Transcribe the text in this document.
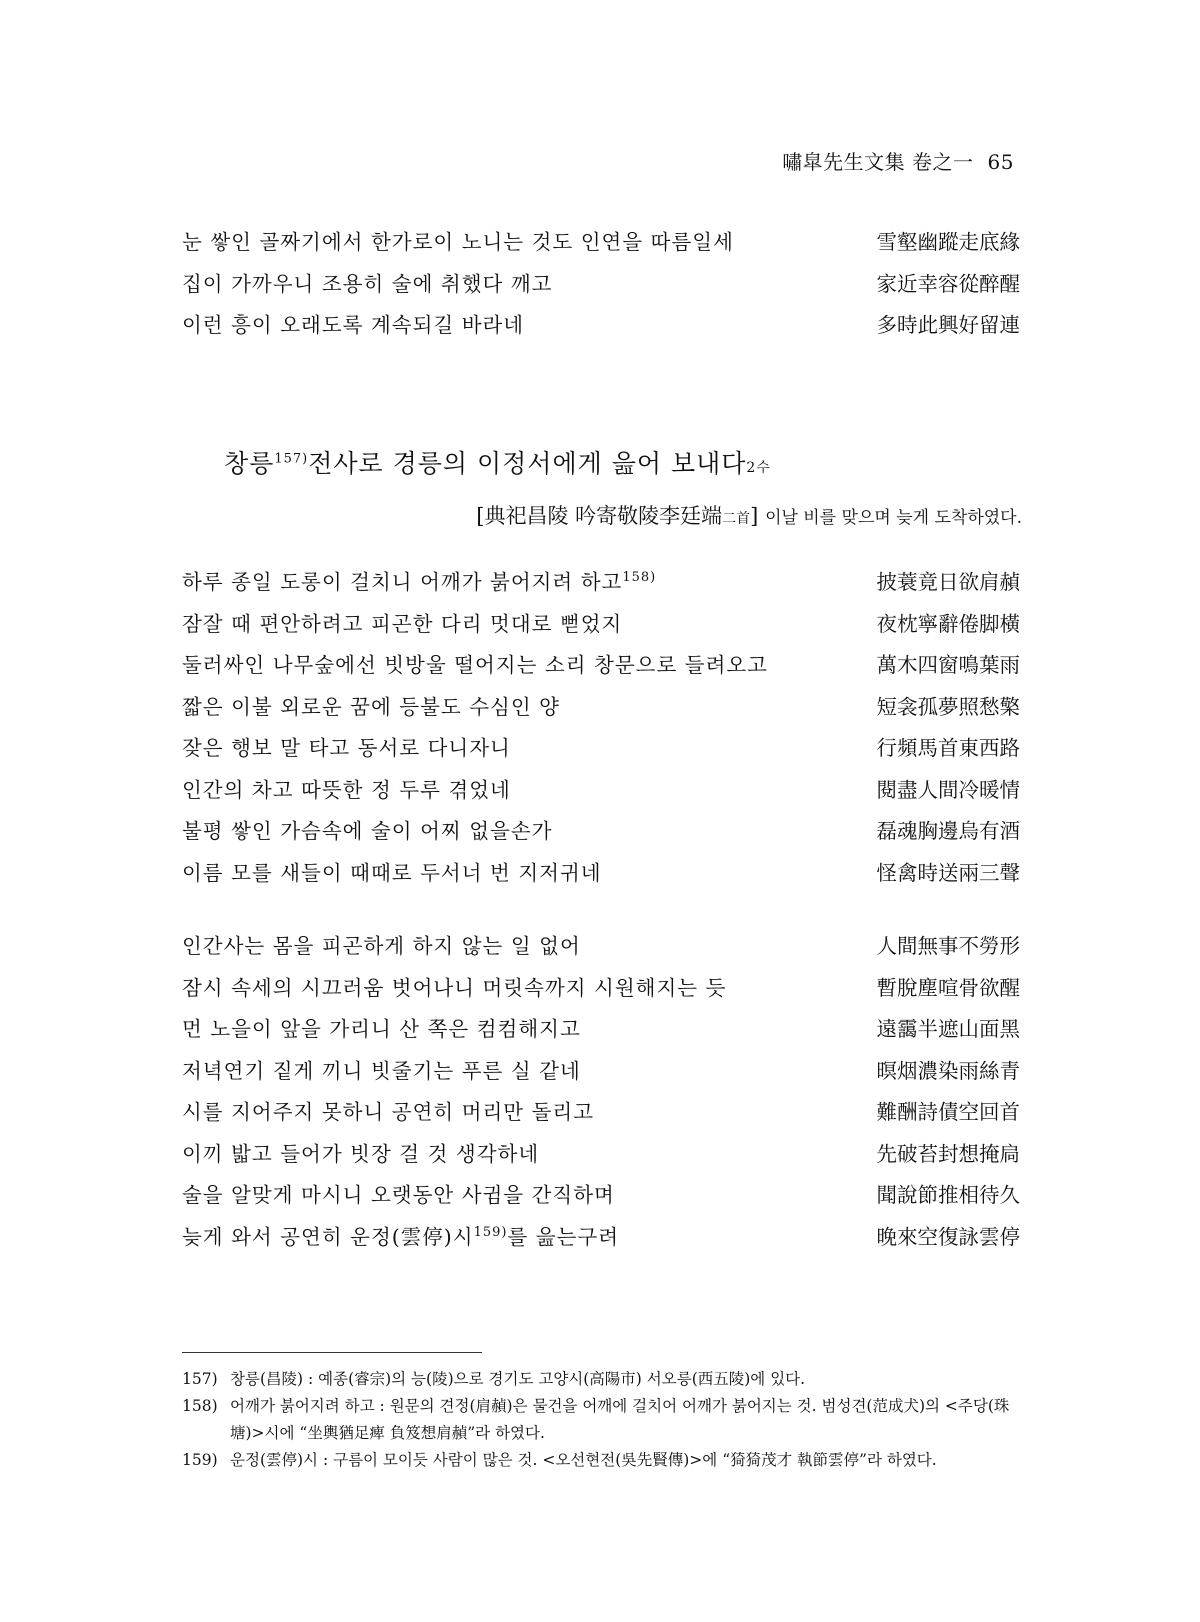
嘯皐先生文集 卷之一 65
눈 쌓인 골짜기에서 한가로이 노니는 것도 인연을 따름일세	雪壑幽蹤走底緣
집이 가까우니 조용히 술에 취했다 깨고	家近幸容從醉醒
이런 흥이 오래도록 계속되길 바라네	多時此興好留連
창릉$^{157)}$전사로 경릉의 이정서에게 읊어 보내다2수
[典祀昌陵 吟寄敬陵李廷端二首] 이날 비를 맞으며 늦게 도착하였다.
하루 종일 도롱이 걸치니 어깨가 붉어지려 하고$^{158)}$	披蓑竟日欲肩赬
잠잘 때 편안하려고 피곤한 다리 멋대로 뻗었지	夜枕寧辭倦脚橫
둘러싸인 나무숲에선 빗방울 떨어지는 소리 창문으로 들려오고	萬木四窗鳴葉雨
짧은 이불 외로운 꿈에 등불도 수심인 양	短衾孤夢照愁檠
잦은 행보 말 타고 동서로 다니자니	行頻馬首東西路
인간의 차고 따뜻한 정 두루 겪었네	閱盡人間冷暖情
불평 쌓인 가슴속에 술이 어찌 없을손가	磊魂胸邊烏有酒
이름 모를 새들이 때때로 두서너 번 지저귀네	怪禽時送兩三聲
인간사는 몸을 피곤하게 하지 않는 일 없어	人間無事不勞形
잠시 속세의 시끄러움 벗어나니 머릿속까지 시원해지는 듯	暫脫塵喧骨欲醒
먼 노을이 앞을 가리니 산 쪽은 컴컴해지고	遠靄半遮山面黑
저녁연기 짙게 끼니 빗줄기는 푸른 실 같네	暝烟濃染雨絲青
시를 지어주지 못하니 공연히 머리만 돌리고	難酬詩債空回首
이끼 밟고 들어가 빗장 걸 것 생각하네	先破苔封想掩扃
술을 알맞게 마시니 오랫동안 사귐을 간직하며	聞說節推相待久
늦게 와서 공연히 운정(雲停)시$^{159)}$를 읊는구려	晚來空復詠雲停
157) 창릉(昌陵) : 예종(睿宗)의 능(陵)으로 경기도 고양시(高陽市) 서오릉(西五陵)에 있다.
158) 어깨가 붉어지려 하고 : 원문의 견정(肩赬)은 물건을 어깨에 걸치어 어깨가 붉어지는 것. 범성견(范成犬)의 <주당(珠塘)>시에 “坐輿猶足痺 負笈想肩赬”라 하였다.
159) 운정(雲停)시 : 구름이 모이듯 사람이 많은 것. <오선현전(吳先賢傳)>에 “猗猗茂才 執節雲停”라 하였다.
